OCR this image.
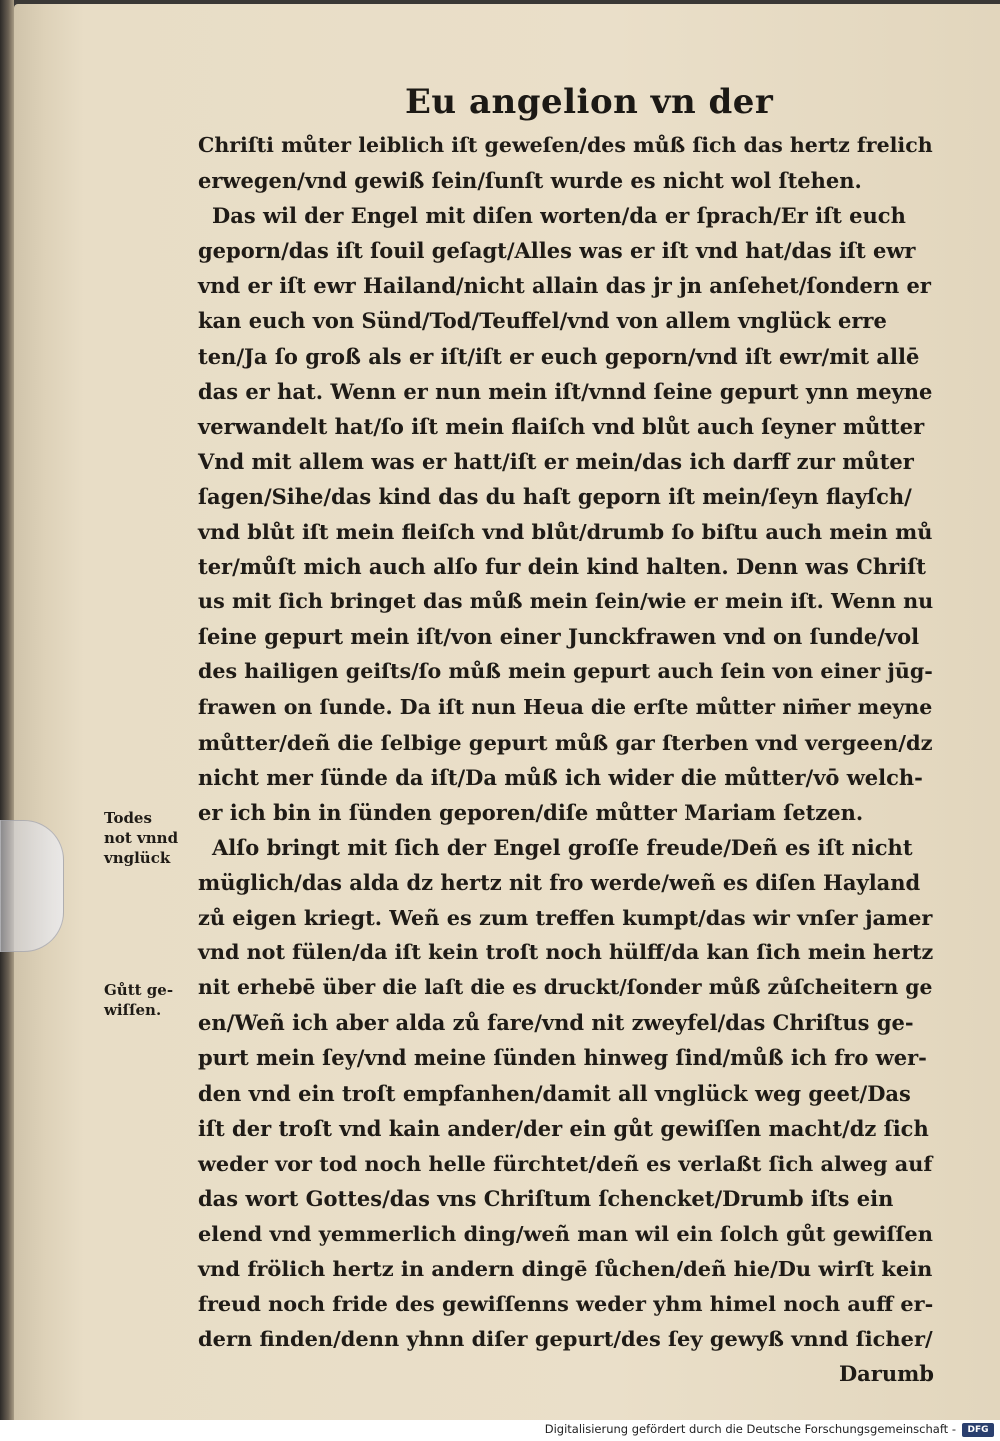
Eu angelion vn der
Chriſti můter leiblich iſt geweſen/des můß ſich das hertz frelich
erwegen/vnd gewiß ſein/ſunſt wurde es nicht wol ſtehen.
Das wil der Engel mit diſen worten/da er ſprach/Er iſt euch
geporn/das iſt ſouil geſagt/Alles was er iſt vnd hat/das iſt ewr
vnd er iſt ewr Hailand/nicht allain das jr jn anſehet/ſondern er
kan euch von Sünd/Tod/Teuffel/vnd von allem vnglück erre
ten/Ja ſo groß als er iſt/iſt er euch geporn/vnd iſt ewr/mit allē
das er hat. Wenn er nun mein iſt/vnnd ſeine gepurt ynn meyne
verwandelt hat/ſo iſt mein flaiſch vnd blůt auch ſeyner můtter
Vnd mit allem was er hatt/iſt er mein/das ich darff zur můter
ſagen/Sihe/das kind das du haſt geporn iſt mein/ſeyn flayſch/
vnd blůt iſt mein fleiſch vnd blůt/drumb ſo biſtu auch mein mů
ter/můſt mich auch alſo fur dein kind halten. Denn was Chriſt
us mit ſich bringet das můß mein ſein/wie er mein iſt. Wenn nu
ſeine gepurt mein iſt/von einer Junckfrawen vnd on ſunde/vol
des hailigen geiſts/ſo můß mein gepurt auch ſein von einer jūg-
frawen on ſunde. Da iſt nun Heua die erſte můtter nim̄er meyne
můtter/deñ die ſelbige gepurt můß gar ſterben vnd vergeen/dz
nicht mer ſünde da iſt/Da můß ich wider die můtter/vō welch-
er ich bin in ſünden geporen/diſe můtter Mariam ſetzen.
Alſo bringt mit ſich der Engel groſſe freude/Deñ es iſt nicht
müglich/das alda dz hertz nit fro werde/weñ es diſen Hayland
zů eigen kriegt. Weñ es zum treffen kumpt/das wir vnſer jamer
vnd not fülen/da iſt kein troſt noch hülff/da kan ſich mein hertz
nit erhebē über die laſt die es druckt/ſonder můß zůſcheitern ge
en/Weñ ich aber alda zů fare/vnd nit zweyfel/das Chriſtus ge-
purt mein ſey/vnd meine ſünden hinweg ſind/můß ich fro wer-
den vnd ein troſt empfanhen/damit all vnglück weg geet/Das
iſt der troſt vnd kain ander/der ein gůt gewiſſen macht/dz ſich
weder vor tod noch helle fürchtet/deñ es verlaßt ſich alweg auf
das wort Gottes/das vns Chriſtum ſchencket/Drumb iſts ein
elend vnd yemmerlich ding/weñ man wil ein ſolch gůt gewiſſen
vnd frölich hertz in andern dingē ſůchen/deñ hie/Du wirſt kein
freud noch fride des gewiſſenns weder yhm himel noch auff er-
dern finden/denn yhnn diſer gepurt/des ſey gewyß vnnd ſicher/
Darumb
Todes
not vnnd
vnglück
Gůtt ge-
wiſſen.
Digitalisierung gefördert durch die Deutsche Forschungsgemeinschaft -	DFG
